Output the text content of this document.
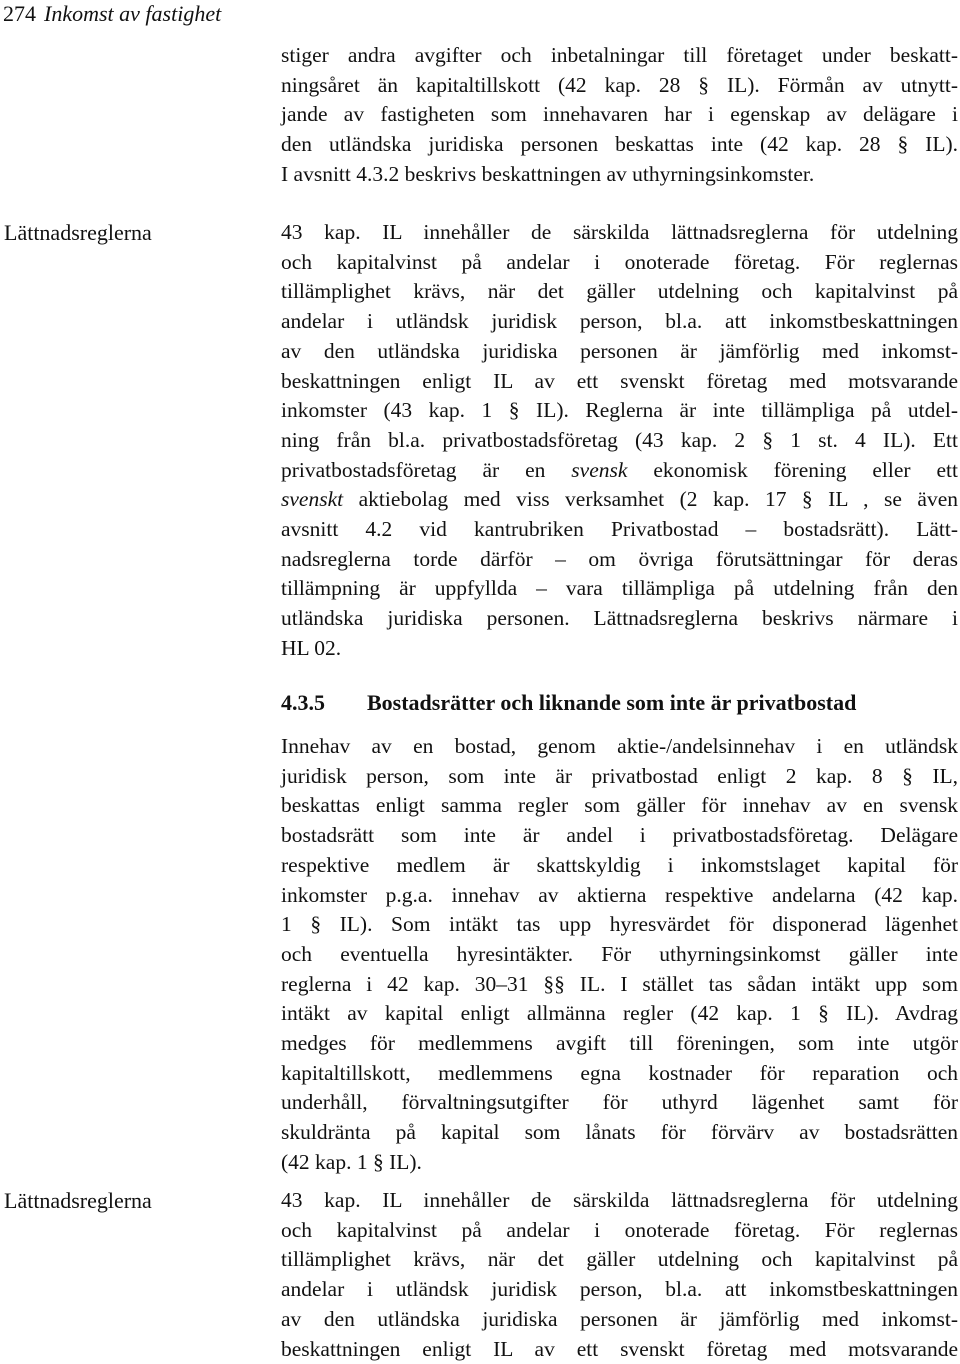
274 Inkomst av fastighet
Lättnadsreglerna
Lättnadsreglerna

stiger andra avgifter och inbetalningar till företaget under beskatt-
ningsåret än kapitaltillskott (42 kap. 28 § IL). Förmån av utnytt-
jande av fastigheten som innehavaren har i egenskap av delägare i
den utländska juridiska personen beskattas inte (42 kap. 28 § IL).
I avsnitt 4.3.2 beskrivs beskattningen av uthyrningsinkomster.

43 kap. IL innehåller de särskilda lättnadsreglerna för utdelning
och kapitalvinst på andelar i onoterade företag. För reglernas
tillämplighet krävs, när det gäller utdelning och kapitalvinst på
andelar i utländsk juridisk person, bl.a. att inkomstbeskattningen
av den utländska juridiska personen är jämförlig med inkomst-
beskattningen enligt IL av ett svenskt företag med motsvarande
inkomster (43 kap. 1 § IL). Reglerna är inte tillämpliga på utdel-
ning från bl.a. privatbostadsföretag (43 kap. 2 § 1 st. 4 IL). Ett
privatbostadsföretag är en svensk ekonomisk förening eller ett
svenskt aktiebolag med viss verksamhet (2 kap. 17 § IL , se även
avsnitt 4.2 vid kantrubriken Privatbostad – bostadsrätt). Lätt-
nadsreglerna torde därför – om övriga förutsättningar för deras
tillämpning är uppfyllda – vara tillämpliga på utdelning från den
utländska juridiska personen. Lättnadsreglerna beskrivs närmare i
HL 02.

4.3.5 Bostadsrätter och liknande som inte är privatbostad

Innehav av en bostad, genom aktie-/andelsinnehav i en utländsk
juridisk person, som inte är privatbostad enligt 2 kap. 8 § IL,
beskattas enligt samma regler som gäller för innehav av en svensk
bostadsrätt som inte är andel i privatbostadsföretag. Delägare
respektive medlem är skattskyldig i inkomstslaget kapital för
inkomster p.g.a. innehav av aktierna respektive andelarna (42 kap.
1 § IL). Som intäkt tas upp hyresvärdet för disponerad lägenhet
och eventuella hyresintäkter. För uthyrningsinkomst gäller inte
reglerna i 42 kap. 30–31 §§ IL. I stället tas sådan intäkt upp som
intäkt av kapital enligt allmänna regler (42 kap. 1 § IL). Avdrag
medges för medlemmens avgift till föreningen, som inte utgör
kapitaltillskott, medlemmens egna kostnader för reparation och
underhåll, förvaltningsutgifter för uthyrd lägenhet samt för
skuldränta på kapital som lånats för förvärv av bostadsrätten
(42 kap. 1 § IL).

43 kap. IL innehåller de särskilda lättnadsreglerna för utdelning
och kapitalvinst på andelar i onoterade företag. För reglernas
tillämplighet krävs, när det gäller utdelning och kapitalvinst på
andelar i utländsk juridisk person, bl.a. att inkomstbeskattningen
av den utländska juridiska personen är jämförlig med inkomst-
beskattningen enligt IL av ett svenskt företag med motsvarande
